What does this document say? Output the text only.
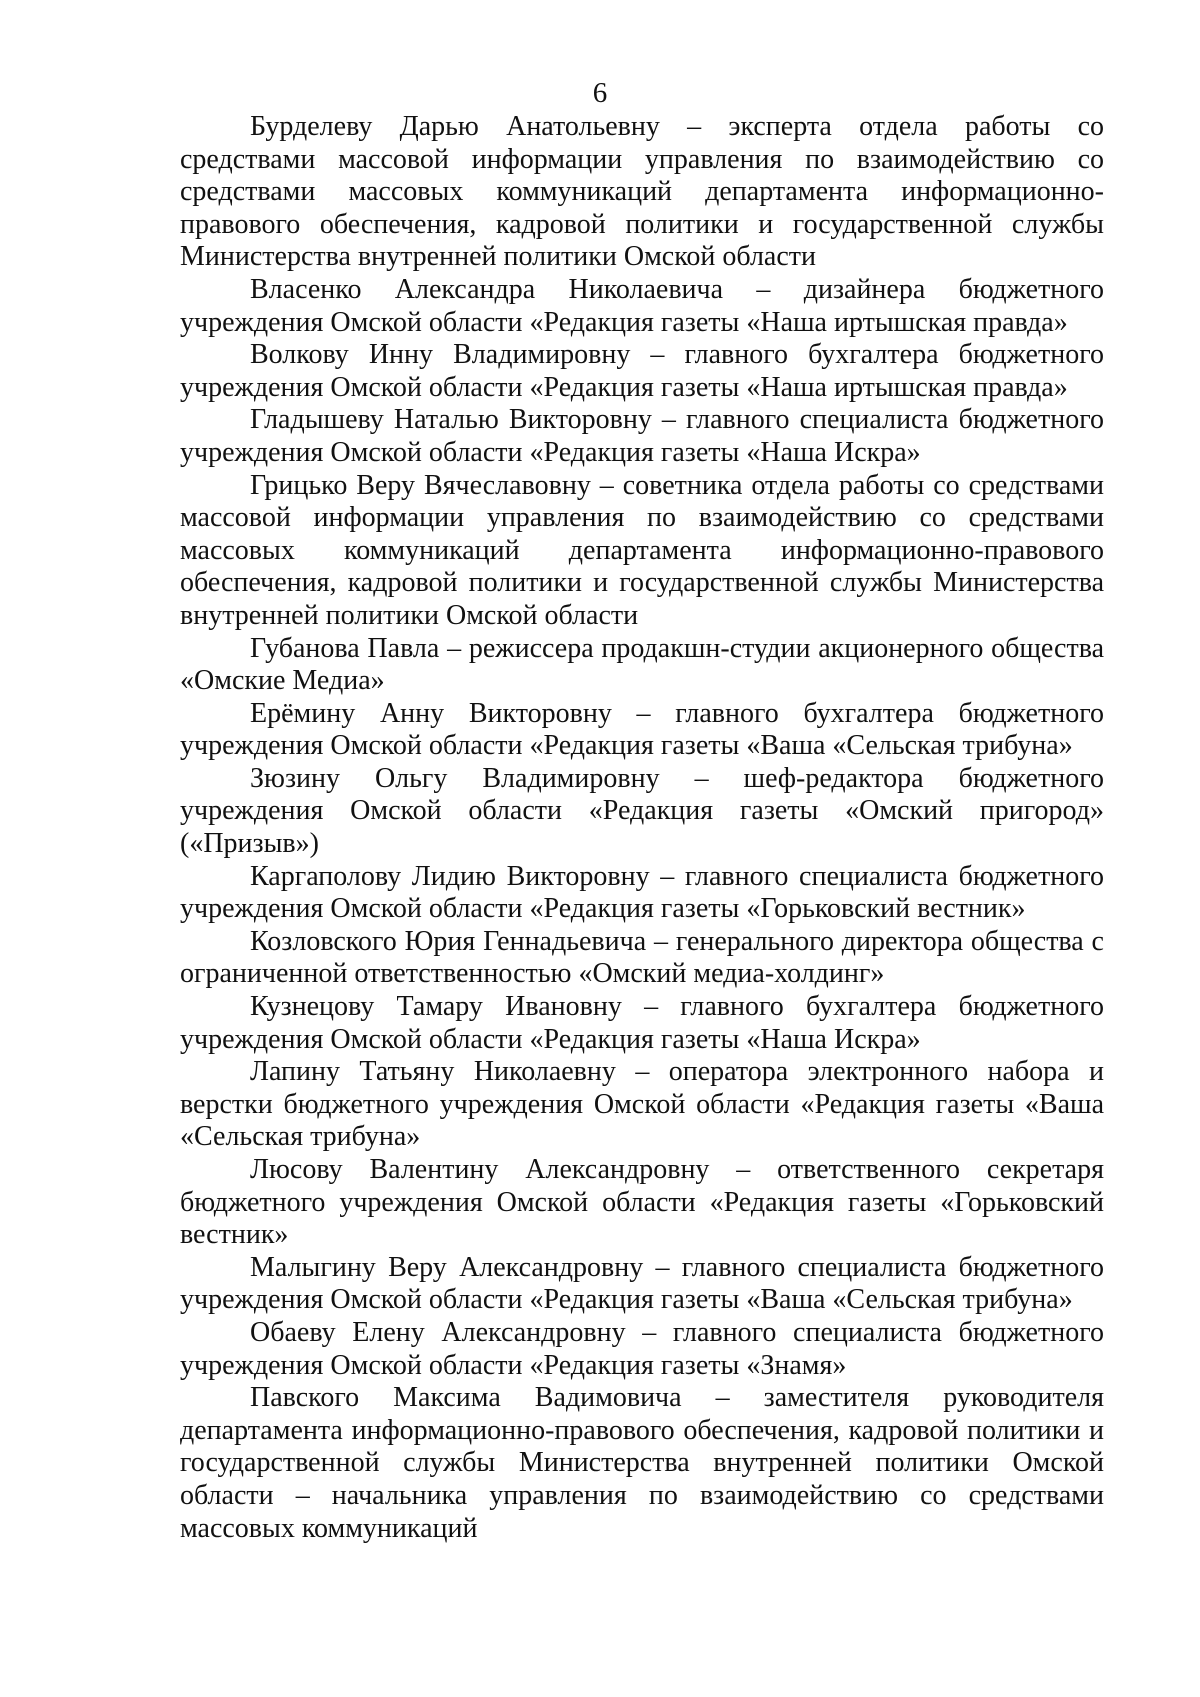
6

Бурделеву Дарью Анатольевну – эксперта отдела работы со средствами массовой информации управления по взаимодействию со средствами массовых коммуникаций департамента информационно-правового обеспечения, кадровой политики и государственной службы Министерства внутренней политики Омской области

Власенко Александра Николаевича – дизайнера бюджетного учреждения Омской области «Редакция газеты «Наша иртышская правда»

Волкову Инну Владимировну – главного бухгалтера бюджетного учреждения Омской области «Редакция газеты «Наша иртышская правда»

Гладышеву Наталью Викторовну – главного специалиста бюджетного учреждения Омской области «Редакция газеты «Наша Искра»

Грицько Веру Вячеславовну – советника отдела работы со средствами массовой информации управления по взаимодействию со средствами массовых коммуникаций департамента информационно-правового обеспечения, кадровой политики и государственной службы Министерства внутренней политики Омской области

Губанова Павла – режиссера продакшн-студии акционерного общества «Омские Медиа»

Ерёмину Анну Викторовну – главного бухгалтера бюджетного учреждения Омской области «Редакция газеты «Ваша «Сельская трибуна»

Зюзину Ольгу Владимировну – шеф-редактора бюджетного учреждения Омской области «Редакция газеты «Омский пригород» («Призыв»)

Каргаполову Лидию Викторовну – главного специалиста бюджетного учреждения Омской области «Редакция газеты «Горьковский вестник»

Козловского Юрия Геннадьевича – генерального директора общества с ограниченной ответственностью «Омский медиа-холдинг»

Кузнецову Тамару Ивановну – главного бухгалтера бюджетного учреждения Омской области «Редакция газеты «Наша Искра»

Лапину Татьяну Николаевну – оператора электронного набора и верстки бюджетного учреждения Омской области «Редакция газеты «Ваша «Сельская трибуна»

Люсову Валентину Александровну – ответственного секретаря бюджетного учреждения Омской области «Редакция газеты «Горьковский вестник»

Малыгину Веру Александровну – главного специалиста бюджетного учреждения Омской области «Редакция газеты «Ваша «Сельская трибуна»

Обаеву Елену Александровну – главного специалиста бюджетного учреждения Омской области «Редакция газеты «Знамя»

Павского Максима Вадимовича – заместителя руководителя департамента информационно-правового обеспечения, кадровой политики и государственной службы Министерства внутренней политики Омской области – начальника управления по взаимодействию со средствами массовых коммуникаций
